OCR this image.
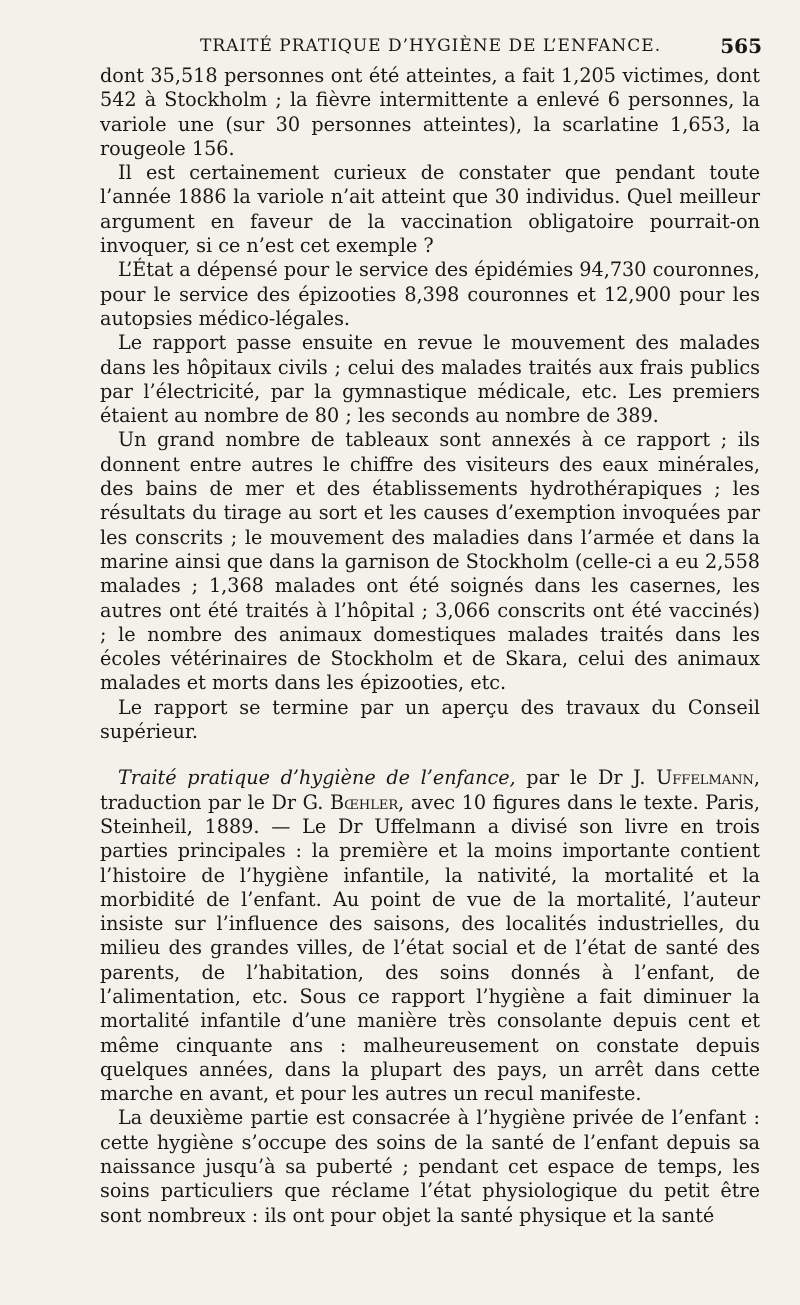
TRAITÉ PRATIQUE D’HYGIÈNE DE L’ENFANCE.	565

dont 35,518 personnes ont été atteintes, a fait 1,205 victimes, dont 542 à Stockholm ; la fièvre intermittente a enlevé 6 personnes, la variole une (sur 30 personnes atteintes), la scarlatine 1,653, la rougeole 156.

Il est certainement curieux de constater que pendant toute l’année 1886 la variole n’ait atteint que 30 individus. Quel meilleur argument en faveur de la vaccination obligatoire pourrait-on invoquer, si ce n’est cet exemple ?

L’État a dépensé pour le service des épidémies 94,730 couronnes, pour le service des épizooties 8,398 couronnes et 12,900 pour les autopsies médico-légales.

Le rapport passe ensuite en revue le mouvement des malades dans les hôpitaux civils ; celui des malades traités aux frais publics par l’électricité, par la gymnastique médicale, etc. Les premiers étaient au nombre de 80 ; les seconds au nombre de 389.

Un grand nombre de tableaux sont annexés à ce rapport ; ils donnent entre autres le chiffre des visiteurs des eaux minérales, des bains de mer et des établissements hydrothérapiques ; les résultats du tirage au sort et les causes d’exemption invoquées par les conscrits ; le mouvement des maladies dans l’armée et dans la marine ainsi que dans la garnison de Stockholm (celle-ci a eu 2,558 malades ; 1,368 malades ont été soignés dans les casernes, les autres ont été traités à l’hôpital ; 3,066 conscrits ont été vaccinés) ; le nombre des animaux domestiques malades traités dans les écoles vétérinaires de Stockholm et de Skara, celui des animaux malades et morts dans les épizooties, etc.

Le rapport se termine par un aperçu des travaux du Conseil supérieur.

Traité pratique d’hygiène de l’enfance, par le Dr J. Uffelmann, traduction par le Dr G. Bœhler, avec 10 figures dans le texte. Paris, Steinheil, 1889. — Le Dr Uffelmann a divisé son livre en trois parties principales : la première et la moins importante contient l’histoire de l’hygiène infantile, la nativité, la mortalité et la morbidité de l’enfant. Au point de vue de la mortalité, l’auteur insiste sur l’influence des saisons, des localités industrielles, du milieu des grandes villes, de l’état social et de l’état de santé des parents, de l’habitation, des soins donnés à l’enfant, de l’alimentation, etc. Sous ce rapport l’hygiène a fait diminuer la mortalité infantile d’une manière très consolante depuis cent et même cinquante ans : malheureusement on constate depuis quelques années, dans la plupart des pays, un arrêt dans cette marche en avant, et pour les autres un recul manifeste.

La deuxième partie est consacrée à l’hygiène privée de l’enfant : cette hygiène s’occupe des soins de la santé de l’enfant depuis sa naissance jusqu’à sa puberté ; pendant cet espace de temps, les soins particuliers que réclame l’état physiologique du petit être sont nombreux : ils ont pour objet la santé physique et la santé
